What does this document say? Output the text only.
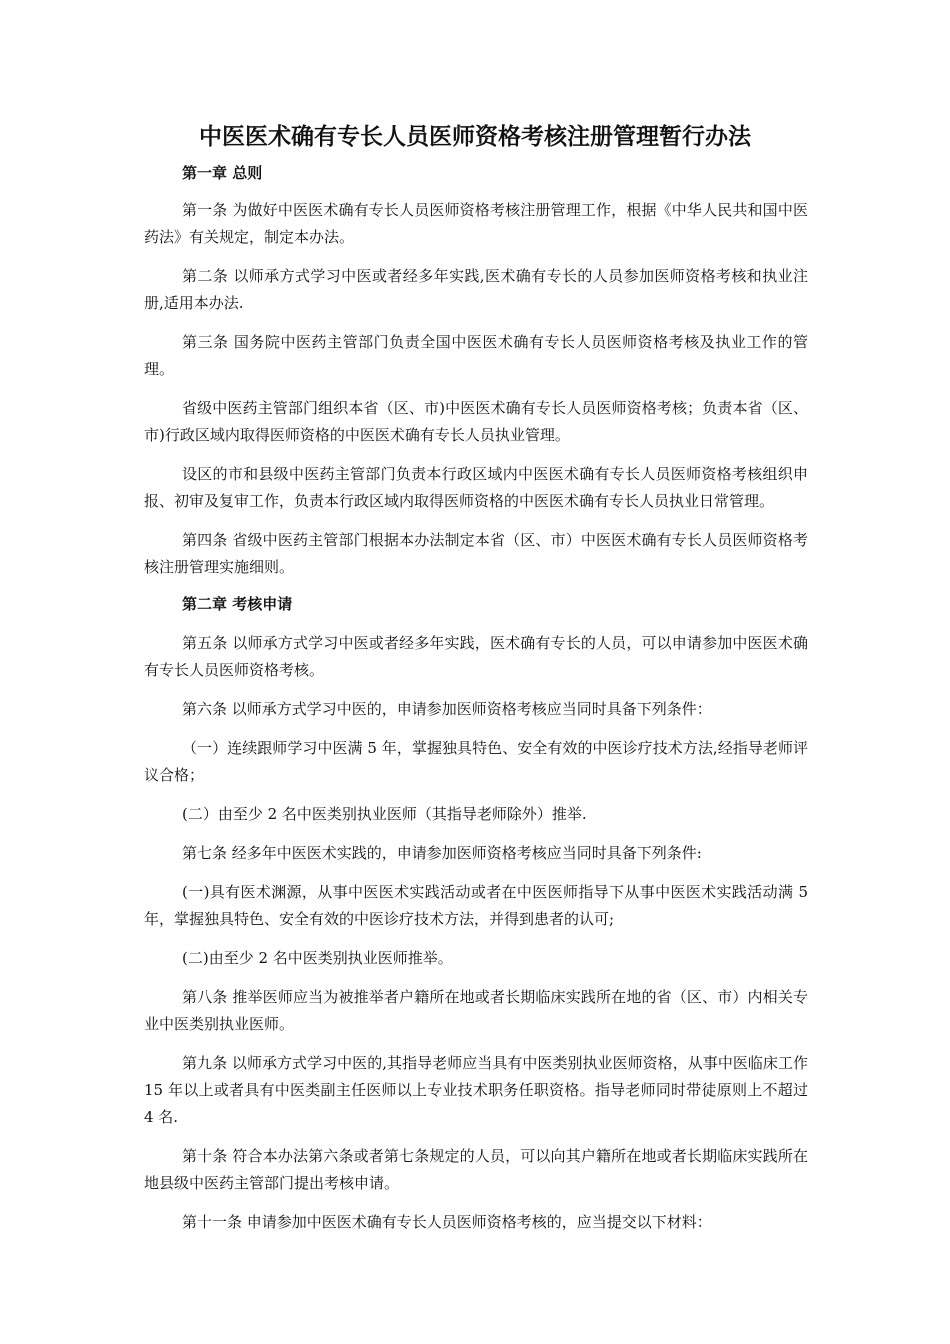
中医医术确有专长人员医师资格考核注册管理暂行办法
第一章 总则

第一条 为做好中医医术确有专长人员医师资格考核注册管理工作，根据《中华人民共和国中医药法》有关规定，制定本办法。

第二条 以师承方式学习中医或者经多年实践,医术确有专长的人员参加医师资格考核和执业注册,适用本办法.

第三条 国务院中医药主管部门负责全国中医医术确有专长人员医师资格考核及执业工作的管理。

省级中医药主管部门组织本省（区、市)中医医术确有专长人员医师资格考核；负责本省（区、市)行政区域内取得医师资格的中医医术确有专长人员执业管理。

设区的市和县级中医药主管部门负责本行政区域内中医医术确有专长人员医师资格考核组织申报、初审及复审工作，负责本行政区域内取得医师资格的中医医术确有专长人员执业日常管理。

第四条 省级中医药主管部门根据本办法制定本省（区、市）中医医术确有专长人员医师资格考核注册管理实施细则。

第二章 考核申请

第五条 以师承方式学习中医或者经多年实践，医术确有专长的人员，可以申请参加中医医术确有专长人员医师资格考核。

第六条 以师承方式学习中医的，申请参加医师资格考核应当同时具备下列条件：

（一）连续跟师学习中医满 5 年，掌握独具特色、安全有效的中医诊疗技术方法,经指导老师评议合格；

(二）由至少 2 名中医类别执业医师（其指导老师除外）推举.

第七条 经多年中医医术实践的，申请参加医师资格考核应当同时具备下列条件:

(一)具有医术渊源，从事中医医术实践活动或者在中医医师指导下从事中医医术实践活动满 5 年，掌握独具特色、安全有效的中医诊疗技术方法，并得到患者的认可;

(二)由至少 2 名中医类别执业医师推举。

第八条 推举医师应当为被推举者户籍所在地或者长期临床实践所在地的省（区、市）内相关专业中医类别执业医师。

第九条 以师承方式学习中医的,其指导老师应当具有中医类别执业医师资格，从事中医临床工作 15 年以上或者具有中医类副主任医师以上专业技术职务任职资格。指导老师同时带徒原则上不超过 4 名.

第十条 符合本办法第六条或者第七条规定的人员，可以向其户籍所在地或者长期临床实践所在地县级中医药主管部门提出考核申请。

第十一条 申请参加中医医术确有专长人员医师资格考核的，应当提交以下材料：
